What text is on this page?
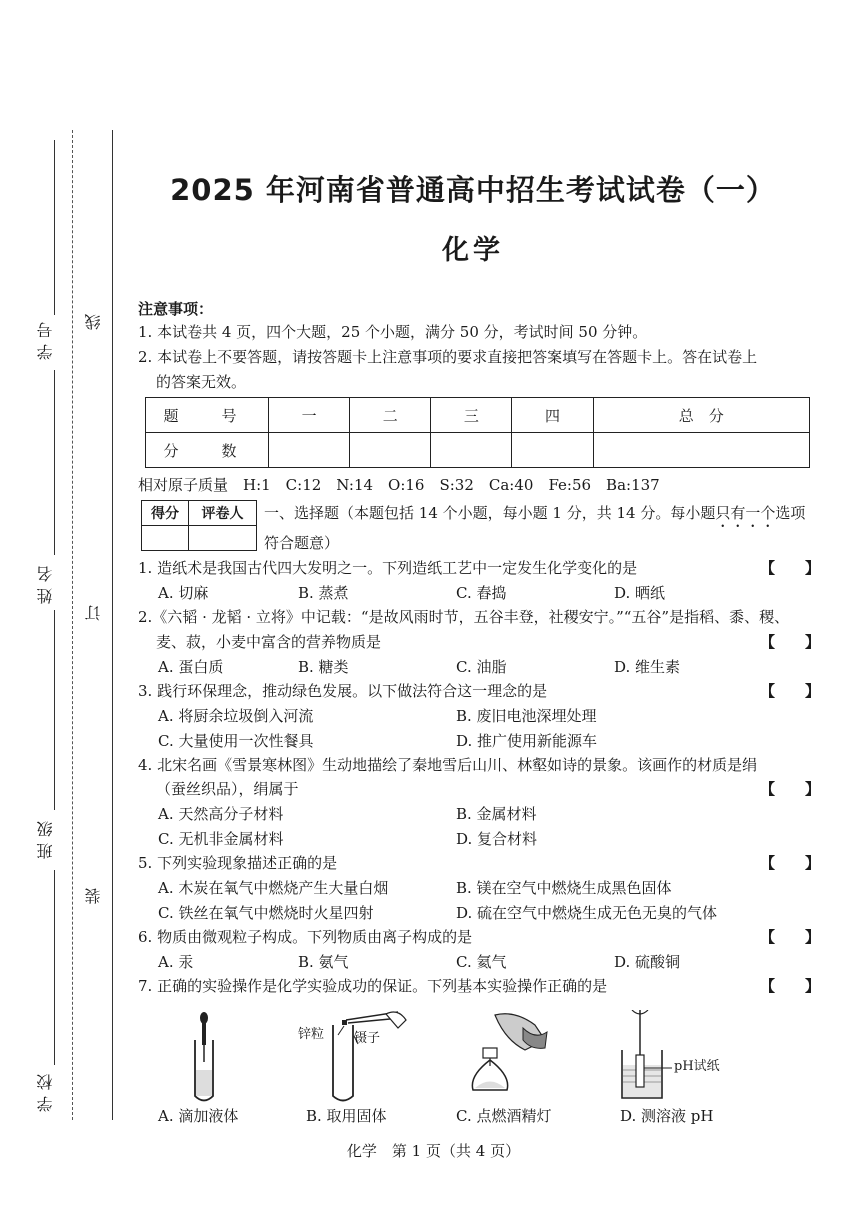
学号
姓名
班级
学校
线
订
装
2025 年河南省普通高中招生考试试卷（一）
化学
注意事项：
1. 本试卷共 4 页，四个大题，25 个小题，满分 50 分，考试时间 50 分钟。
2. 本试卷上不要答题，请按答题卡上注意事项的要求直接把答案填写在答题卡上。答在试卷上
的答案无效。
题　号	一	二	三	四	总　分
分　数					
相对原子质量　H:1　C:12　N:14　O:16　S:32　Ca:40　Fe:56　Ba:137
得分	评卷人
	一、选择题（本题包括 14 个小题，每小题 1 分，共 14 分。每小题只有一个选项符合题意）
1. 造纸术是我国古代四大发明之一。下列造纸工艺中一定发生化学变化的是	【　　】
A. 切麻	B. 蒸煮	C. 舂捣	D. 晒纸
2.《六韬 · 龙韬 · 立将》中记载：“是故风雨时节，五谷丰登，社稷安宁。”“五谷”是指稻、黍、稷、
麦、菽，小麦中富含的营养物质是	【　　】
A. 蛋白质	B. 糖类	C. 油脂	D. 维生素
3. 践行环保理念，推动绿色发展。以下做法符合这一理念的是	【　　】
A. 将厨余垃圾倒入河流	B. 废旧电池深埋处理
C. 大量使用一次性餐具	D. 推广使用新能源车
4. 北宋名画《雪景寒林图》生动地描绘了秦地雪后山川、林壑如诗的景象。该画作的材质是绢
（蚕丝织品），绢属于	【　　】
A. 天然高分子材料	B. 金属材料
C. 无机非金属材料	D. 复合材料
5. 下列实验现象描述正确的是	【　　】
A. 木炭在氧气中燃烧产生大量白烟	B. 镁在空气中燃烧生成黑色固体
C. 铁丝在氧气中燃烧时火星四射	D. 硫在空气中燃烧生成无色无臭的气体
6. 物质由微观粒子构成。下列物质由离子构成的是	【　　】
A. 汞	B. 氨气	C. 氦气	D. 硫酸铜
7. 正确的实验操作是化学实验成功的保证。下列基本实验操作正确的是	【　　】
锌粒 镊子
pH试纸
A. 滴加液体	B. 取用固体	C. 点燃酒精灯	D. 测溶液 pH
化学　第 1 页（共 4 页）
